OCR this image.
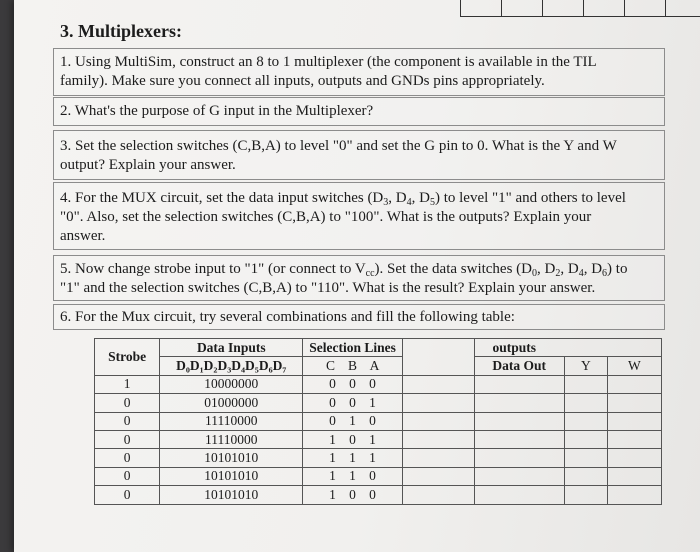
3. Multiplexers:
1. Using MultiSim, construct an 8 to 1 multiplexer (the component is available in the TIL
family). Make sure you connect all inputs, outputs and GNDs pins appropriately.
2. What's the purpose of G input in the Multiplexer?
3. Set the selection switches (C,B,A) to level "0" and set the G pin to 0. What is the Y and W
output? Explain your answer.
4. For the MUX circuit, set the data input switches ($D_3$, $D_4$, $D_5$) to level "1" and others to level
"0". Also, set the selection switches (C,B,A) to "100". What is the outputs? Explain your
answer.
5. Now change strobe input to "1" (or connect to $V_{cc}$). Set the data switches ($D_0$, $D_2$, $D_4$, $D_6$) to
"1" and the selection switches (C,B,A) to "110". What is the result? Explain your answer.
6. For the Mux circuit, try several combinations and fill the following table:
Strobe	Data Inputs	Selection Lines		outputs		
	D₀D₁D₂D₃D₄D₅D₆D₇	C B A		Data Out	Y	W
1	10000000	0 0 0				
0	01000000	0 0 1				
0	11110000	0 1 0				
0	11110000	1 0 1				
0	10101010	1 1 1				
0	10101010	1 1 0				
0	10101010	1 0 0				
